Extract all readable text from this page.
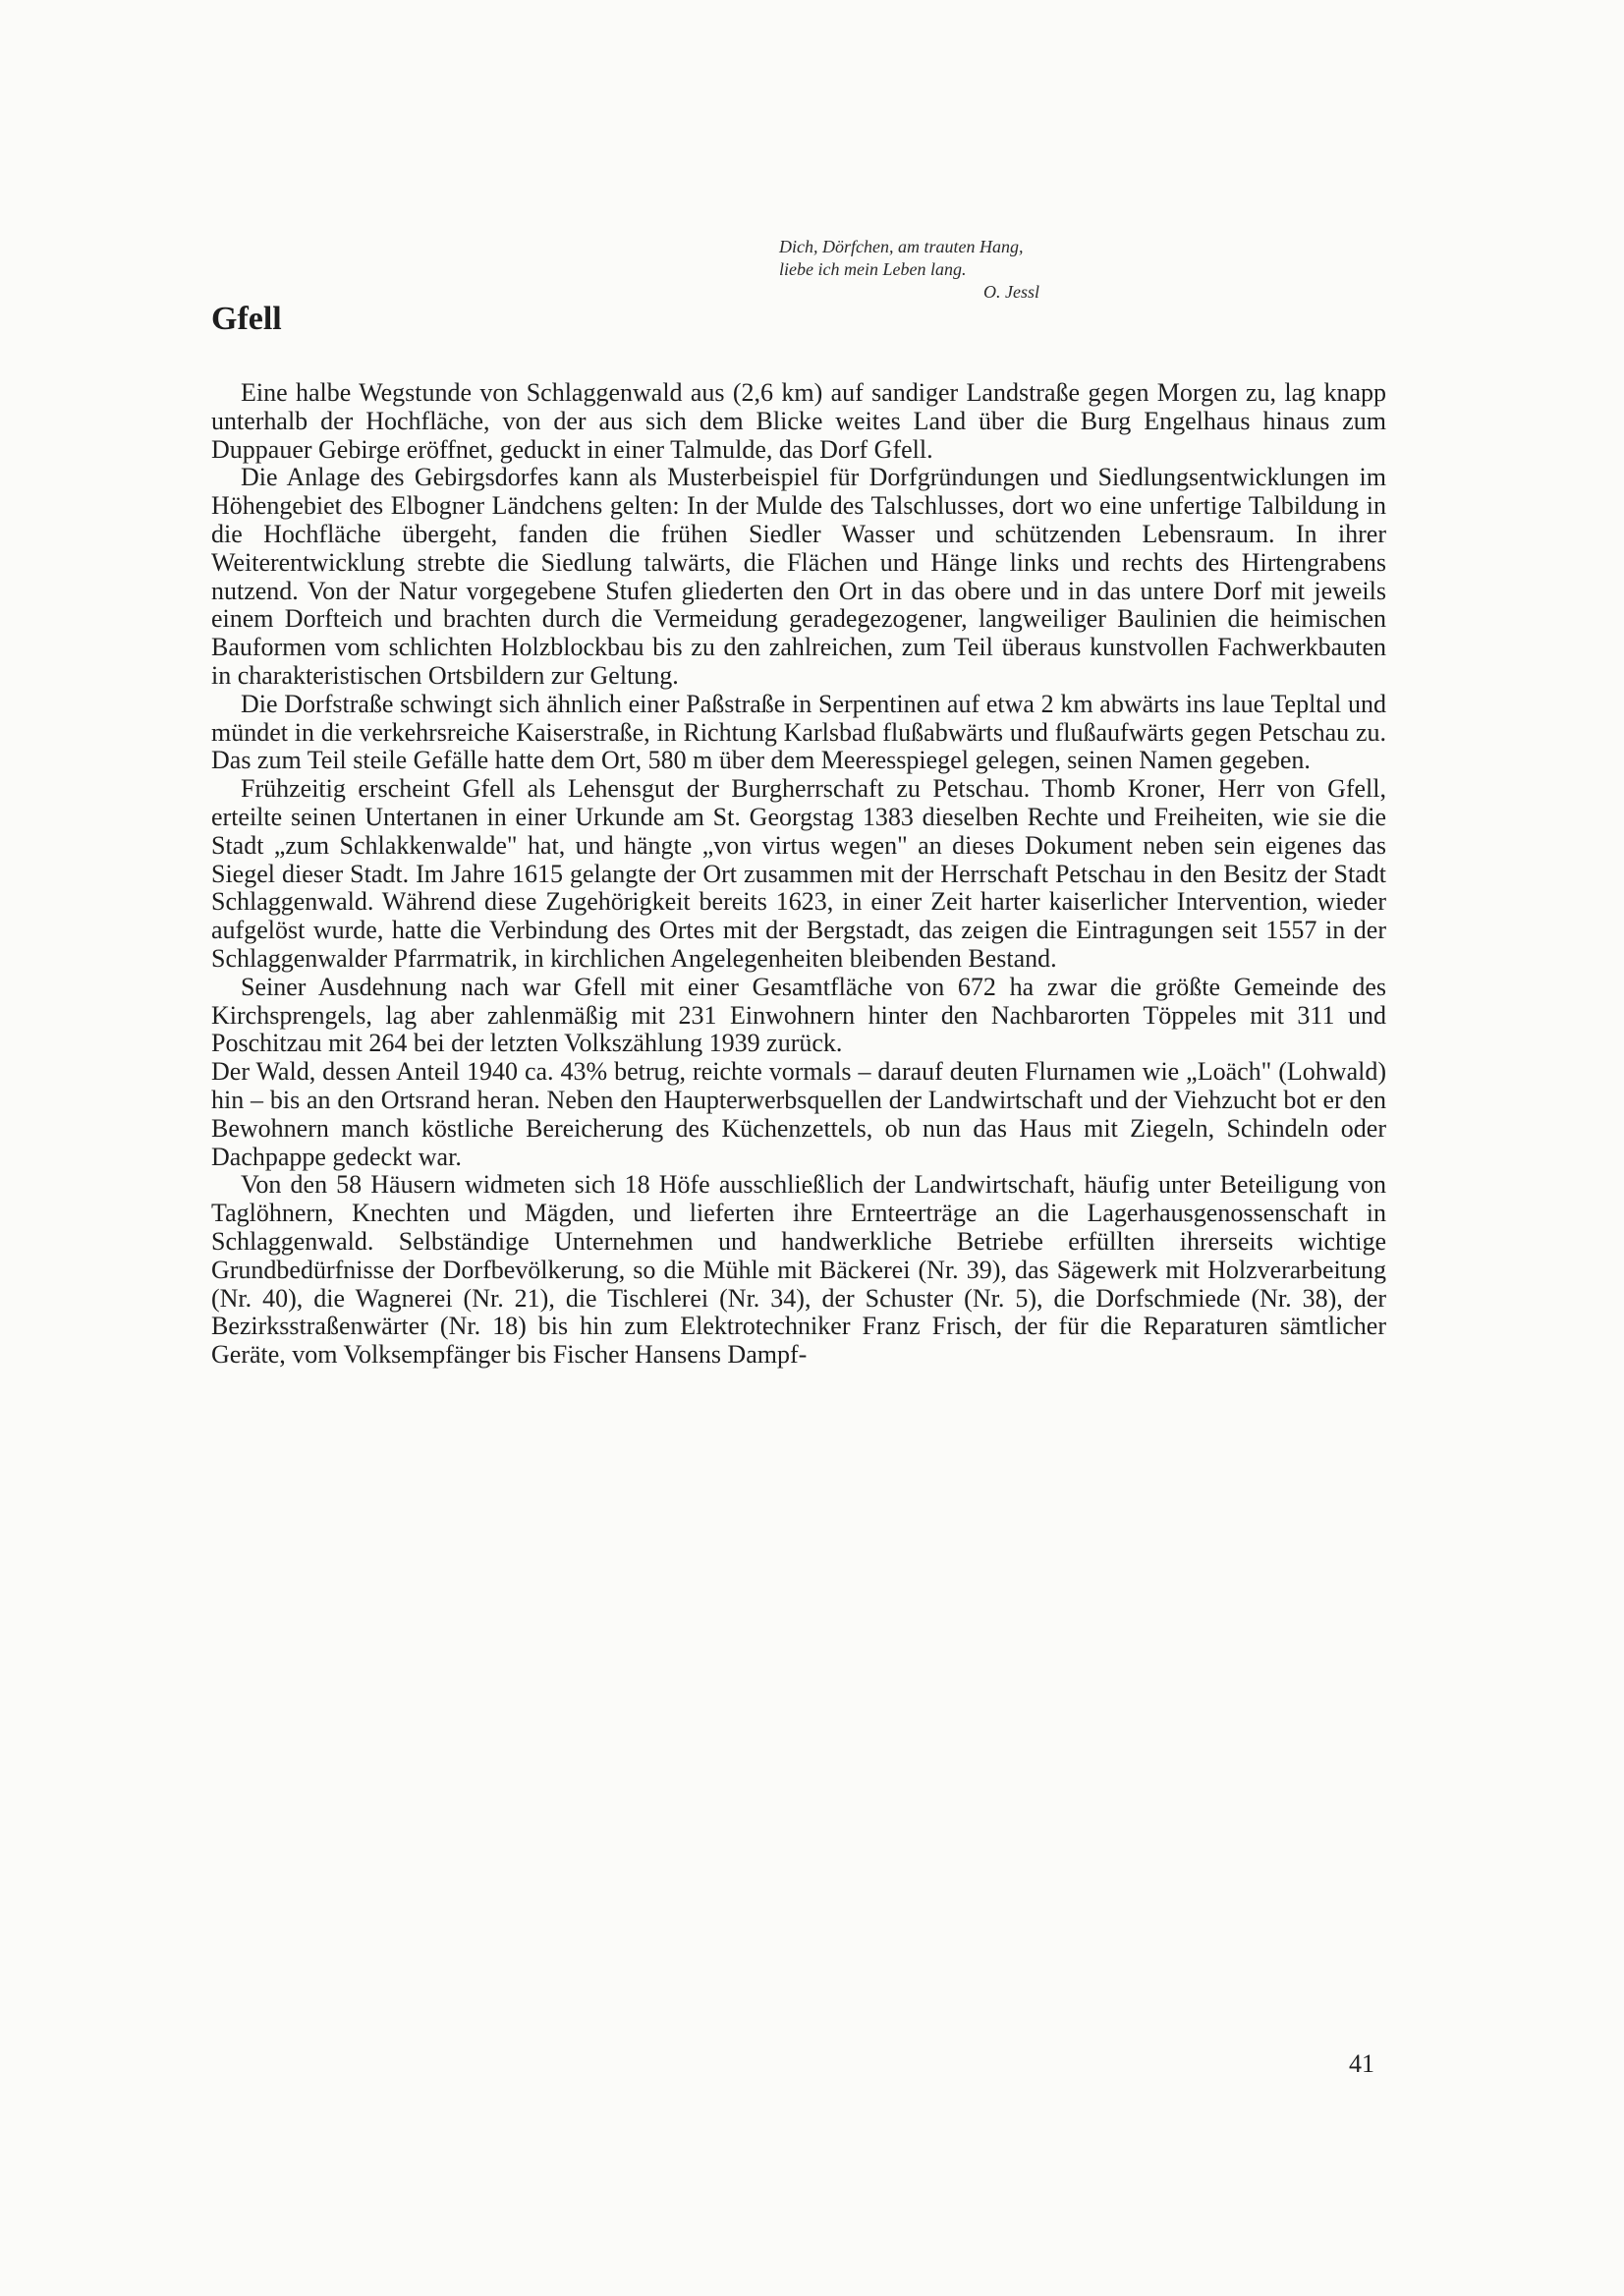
Dich, Dörfchen, am trauten Hang,
liebe ich mein Leben lang.
O. Jessl
Gfell

Eine halbe Wegstunde von Schlaggenwald aus (2,6 km) auf sandiger Landstraße gegen Morgen zu, lag knapp unterhalb der Hochfläche, von der aus sich dem Blicke weites Land über die Burg Engelhaus hinaus zum Duppauer Gebirge eröffnet, geduckt in einer Talmulde, das Dorf Gfell.

Die Anlage des Gebirgsdorfes kann als Musterbeispiel für Dorfgründungen und Siedlungsentwicklungen im Höhengebiet des Elbogner Ländchens gelten: In der Mulde des Talschlusses, dort wo eine unfertige Talbildung in die Hochfläche übergeht, fanden die frühen Siedler Wasser und schützenden Lebensraum. In ihrer Weiterentwicklung strebte die Siedlung talwärts, die Flächen und Hänge links und rechts des Hirtengrabens nutzend. Von der Natur vorgegebene Stufen gliederten den Ort in das obere und in das untere Dorf mit jeweils einem Dorfteich und brachten durch die Vermeidung geradegezogener, langweiliger Baulinien die heimischen Bauformen vom schlichten Holzblockbau bis zu den zahlreichen, zum Teil überaus kunstvollen Fachwerkbauten in charakteristischen Ortsbildern zur Geltung.

Die Dorfstraße schwingt sich ähnlich einer Paßstraße in Serpentinen auf etwa 2 km abwärts ins laue Tepltal und mündet in die verkehrsreiche Kaiserstraße, in Richtung Karlsbad flußabwärts und flußaufwärts gegen Petschau zu. Das zum Teil steile Gefälle hatte dem Ort, 580 m über dem Meeresspiegel gelegen, seinen Namen gegeben.

Frühzeitig erscheint Gfell als Lehensgut der Burgherrschaft zu Petschau. Thomb Kroner, Herr von Gfell, erteilte seinen Untertanen in einer Urkunde am St. Georgstag 1383 dieselben Rechte und Freiheiten, wie sie die Stadt „zum Schlakkenwalde" hat, und hängte „von virtus wegen" an dieses Dokument neben sein eigenes das Siegel dieser Stadt. Im Jahre 1615 gelangte der Ort zusammen mit der Herrschaft Petschau in den Besitz der Stadt Schlaggenwald. Während diese Zugehörigkeit bereits 1623, in einer Zeit harter kaiserlicher Intervention, wieder aufgelöst wurde, hatte die Verbindung des Ortes mit der Bergstadt, das zeigen die Eintragungen seit 1557 in der Schlaggenwalder Pfarrmatrik, in kirchlichen Angelegenheiten bleibenden Bestand.

Seiner Ausdehnung nach war Gfell mit einer Gesamtfläche von 672 ha zwar die größte Gemeinde des Kirchsprengels, lag aber zahlenmäßig mit 231 Einwohnern hinter den Nachbarorten Töppeles mit 311 und Poschitzau mit 264 bei der letzten Volkszählung 1939 zurück.

Der Wald, dessen Anteil 1940 ca. 43% betrug, reichte vormals – darauf deuten Flurnamen wie „Loäch" (Lohwald) hin – bis an den Ortsrand heran. Neben den Haupterwerbsquellen der Landwirtschaft und der Viehzucht bot er den Bewohnern manch köstliche Bereicherung des Küchenzettels, ob nun das Haus mit Ziegeln, Schindeln oder Dachpappe gedeckt war.

Von den 58 Häusern widmeten sich 18 Höfe ausschließlich der Landwirtschaft, häufig unter Beteiligung von Taglöhnern, Knechten und Mägden, und lieferten ihre Ernteerträge an die Lagerhausgenossenschaft in Schlaggenwald. Selbständige Unternehmen und handwerkliche Betriebe erfüllten ihrerseits wichtige Grundbedürfnisse der Dorfbevölkerung, so die Mühle mit Bäckerei (Nr. 39), das Sägewerk mit Holzverarbeitung (Nr. 40), die Wagnerei (Nr. 21), die Tischlerei (Nr. 34), der Schuster (Nr. 5), die Dorfschmiede (Nr. 38), der Bezirksstraßenwärter (Nr. 18) bis hin zum Elektrotechniker Franz Frisch, der für die Reparaturen sämtlicher Geräte, vom Volksempfänger bis Fischer Hansens Dampf-

41
